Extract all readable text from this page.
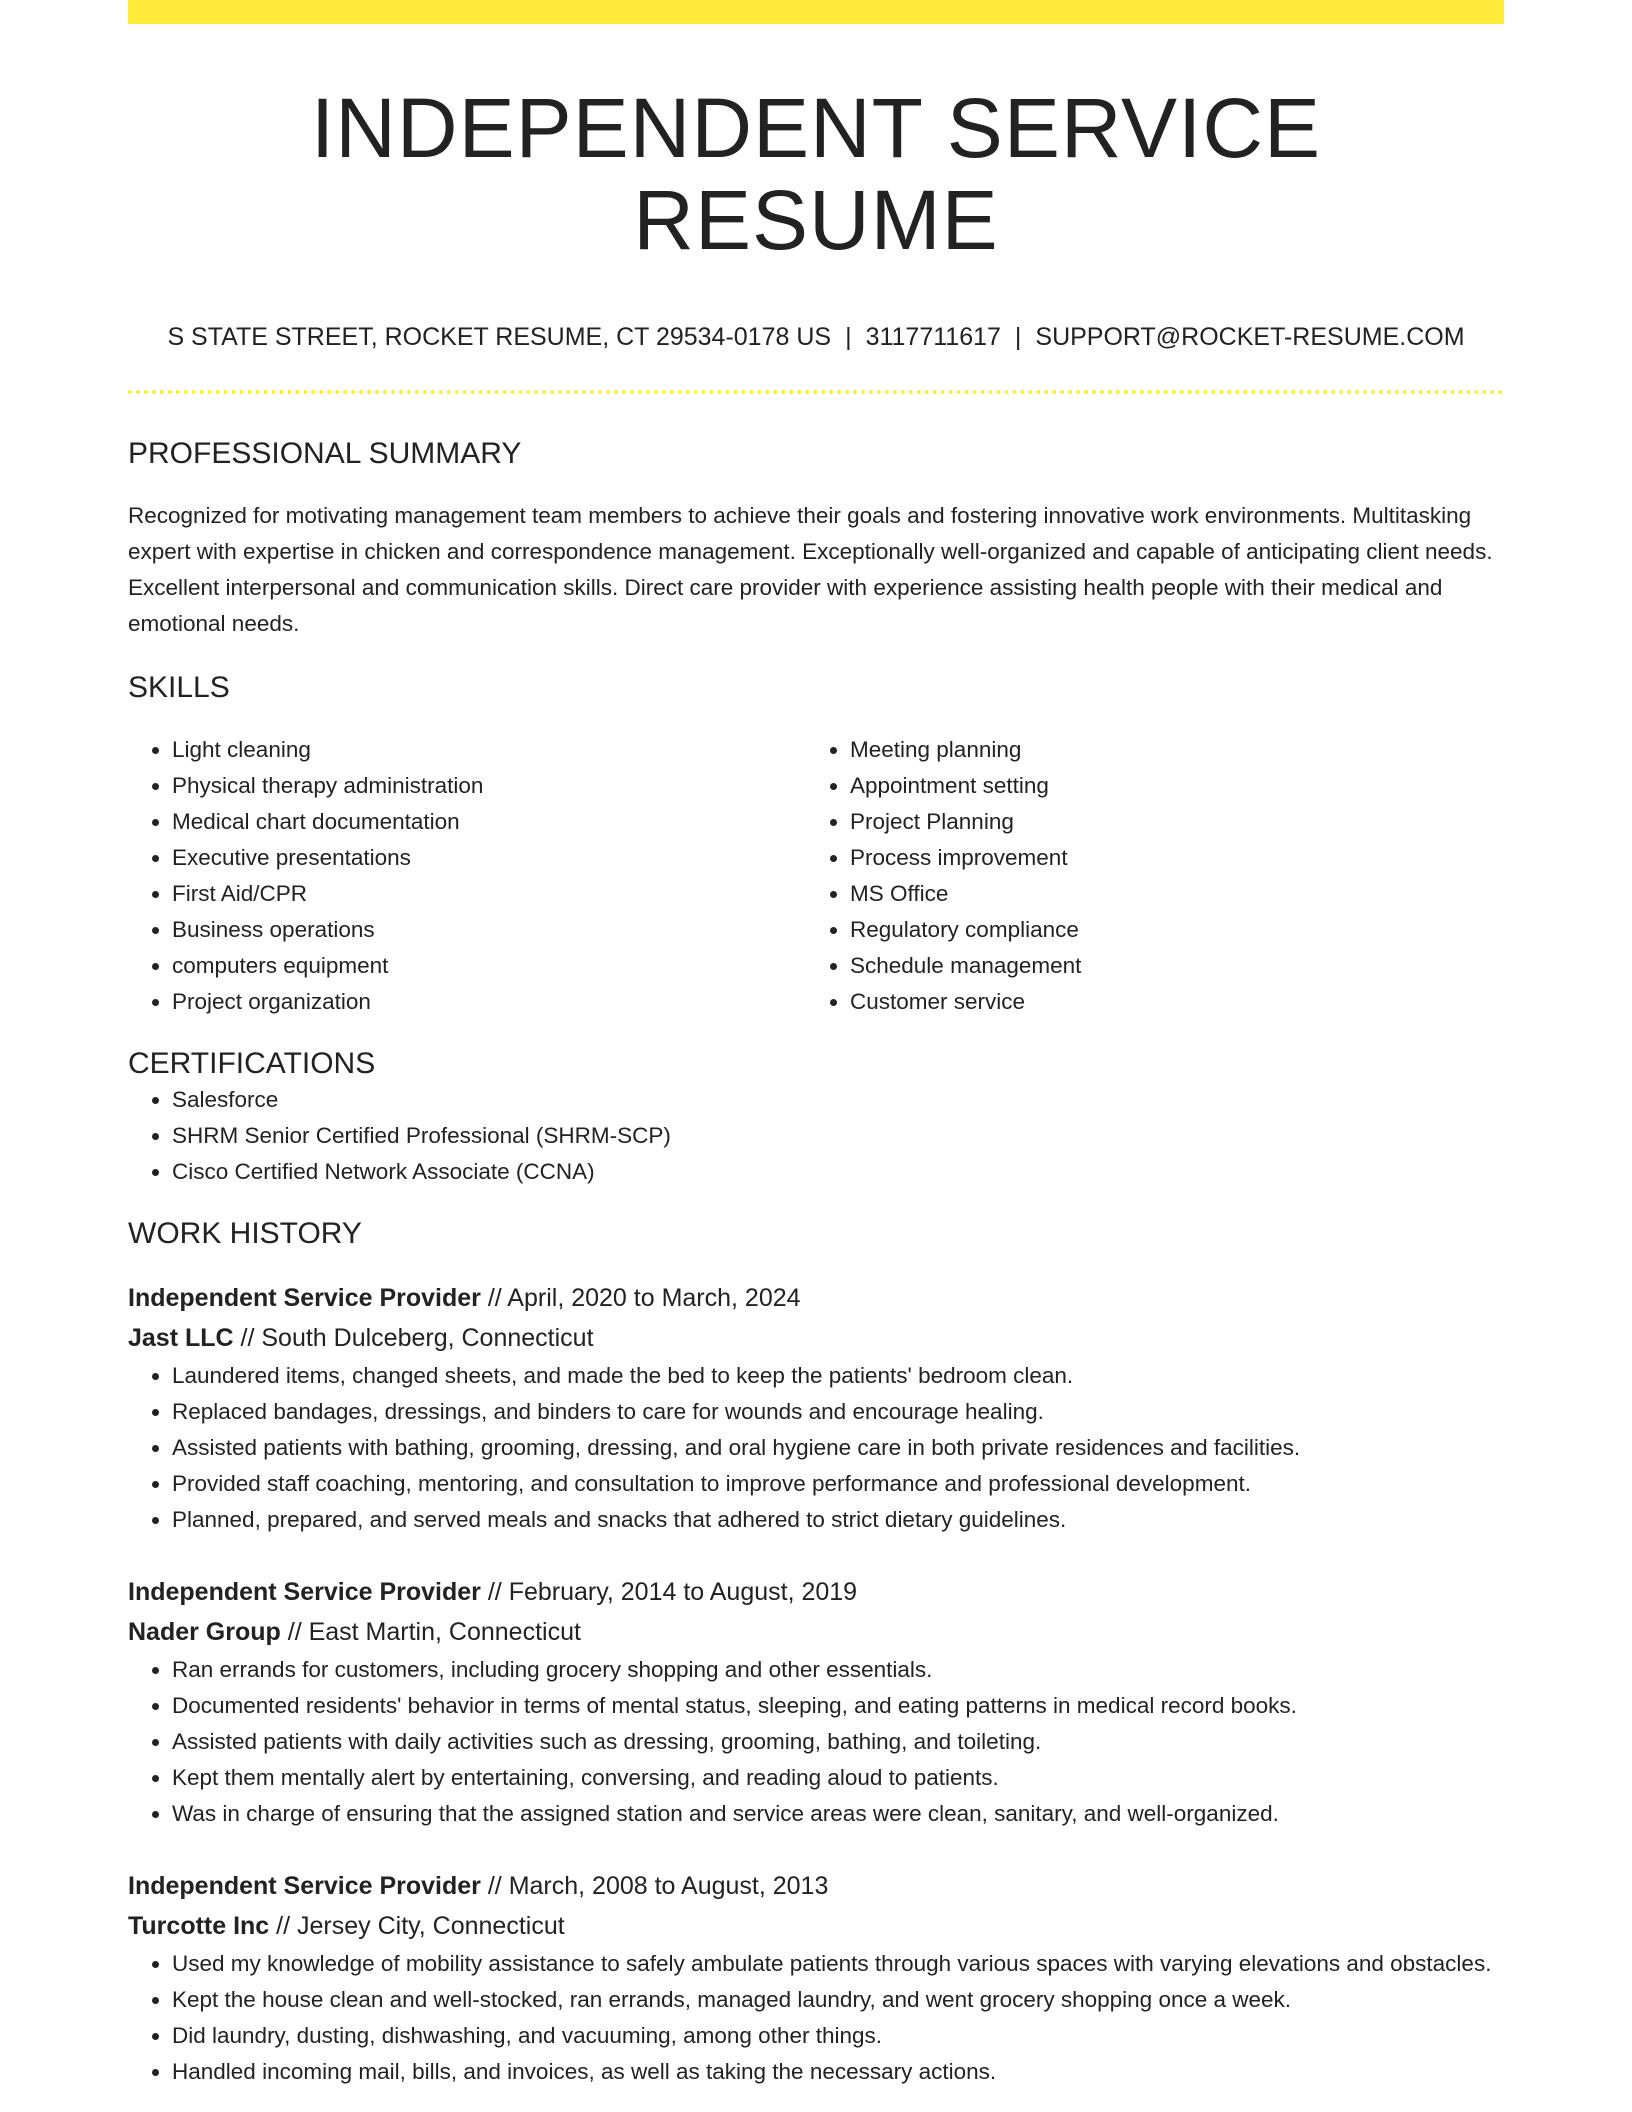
INDEPENDENT SERVICE RESUME
S STATE STREET, ROCKET RESUME, CT 29534-0178 US | 3117711617 | SUPPORT@ROCKET-RESUME.COM
PROFESSIONAL SUMMARY

Recognized for motivating management team members to achieve their goals and fostering innovative work environments. Multitasking expert with expertise in chicken and correspondence management. Exceptionally well-organized and capable of anticipating client needs. Excellent interpersonal and communication skills. Direct care provider with experience assisting health people with their medical and emotional needs.

SKILLS
• Light cleaning
• Physical therapy administration
• Medical chart documentation
• Executive presentations
• First Aid/CPR
• Business operations
• computers equipment
• Project organization
• Meeting planning
• Appointment setting
• Project Planning
• Process improvement
• MS Office
• Regulatory compliance
• Schedule management
• Customer service
CERTIFICATIONS
• Salesforce
• SHRM Senior Certified Professional (SHRM-SCP)
• Cisco Certified Network Associate (CCNA)
WORK HISTORY
Independent Service Provider // April, 2020 to March, 2024
Jast LLC // South Dulceberg, Connecticut
• Laundered items, changed sheets, and made the bed to keep the patients' bedroom clean.
• Replaced bandages, dressings, and binders to care for wounds and encourage healing.
• Assisted patients with bathing, grooming, dressing, and oral hygiene care in both private residences and facilities.
• Provided staff coaching, mentoring, and consultation to improve performance and professional development.
• Planned, prepared, and served meals and snacks that adhered to strict dietary guidelines.
Independent Service Provider // February, 2014 to August, 2019
Nader Group // East Martin, Connecticut
• Ran errands for customers, including grocery shopping and other essentials.
• Documented residents' behavior in terms of mental status, sleeping, and eating patterns in medical record books.
• Assisted patients with daily activities such as dressing, grooming, bathing, and toileting.
• Kept them mentally alert by entertaining, conversing, and reading aloud to patients.
• Was in charge of ensuring that the assigned station and service areas were clean, sanitary, and well-organized.
Independent Service Provider // March, 2008 to August, 2013
Turcotte Inc // Jersey City, Connecticut
• Used my knowledge of mobility assistance to safely ambulate patients through various spaces with varying elevations and obstacles.
• Kept the house clean and well-stocked, ran errands, managed laundry, and went grocery shopping once a week.
• Did laundry, dusting, dishwashing, and vacuuming, among other things.
• Handled incoming mail, bills, and invoices, as well as taking the necessary actions.
